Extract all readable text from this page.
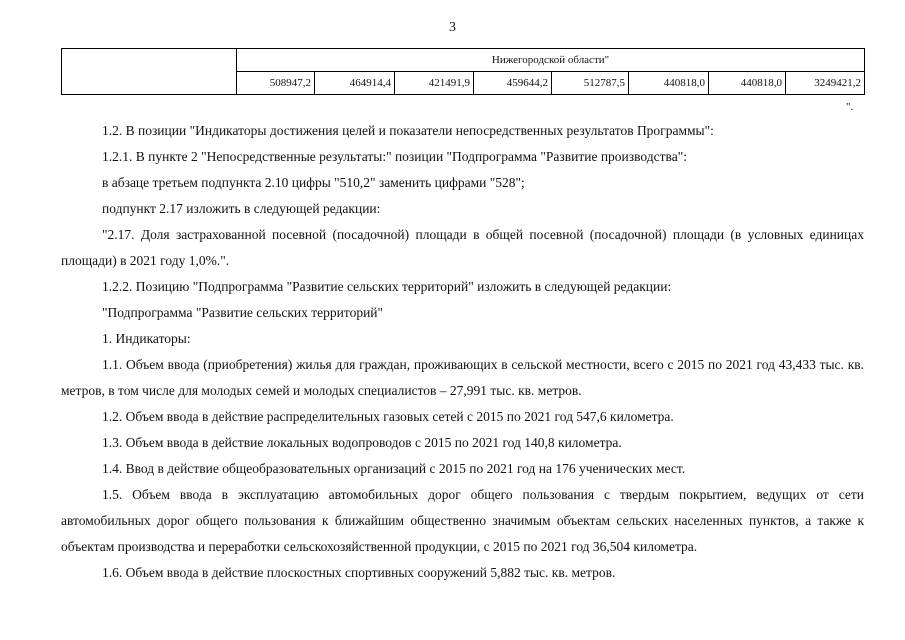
3
	Нижегородской области"							
	508947,2	464914,4	421491,9	459644,2	512787,5	440818,0	440818,0	3249421,2
".

1.2. В позиции "Индикаторы достижения целей и показатели непосредственных результатов Программы":

1.2.1. В пункте 2 "Непосредственные результаты:" позиции "Подпрограмма "Развитие производства":

в абзаце третьем подпункта 2.10 цифры "510,2" заменить цифрами "528";

подпункт 2.17 изложить в следующей редакции:

"2.17. Доля застрахованной посевной (посадочной) площади в общей посевной (посадочной) площади (в условных единицах площади) в 2021 году 1,0%.".

1.2.2. Позицию "Подпрограмма "Развитие сельских территорий" изложить в следующей редакции:

"Подпрограмма "Развитие сельских территорий"

1. Индикаторы:

1.1. Объем ввода (приобретения) жилья для граждан, проживающих в сельской местности, всего с 2015 по 2021 год 43,433 тыс. кв. метров, в том числе для молодых семей и молодых специалистов – 27,991 тыс. кв. метров.

1.2. Объем ввода в действие распределительных газовых сетей с 2015 по 2021 год 547,6 километра.

1.3. Объем ввода в действие локальных водопроводов с 2015 по 2021 год 140,8 километра.

1.4. Ввод в действие общеобразовательных организаций с 2015 по 2021 год на 176 ученических мест.

1.5. Объем ввода в эксплуатацию автомобильных дорог общего пользования с твердым покрытием, ведущих от сети автомобильных дорог общего пользования к ближайшим общественно значимым объектам сельских населенных пунктов, а также к объектам производства и переработки сельскохозяйственной продукции, с 2015 по 2021 год 36,504 километра.

1.6. Объем ввода в действие плоскостных спортивных сооружений 5,882 тыс. кв. метров.
